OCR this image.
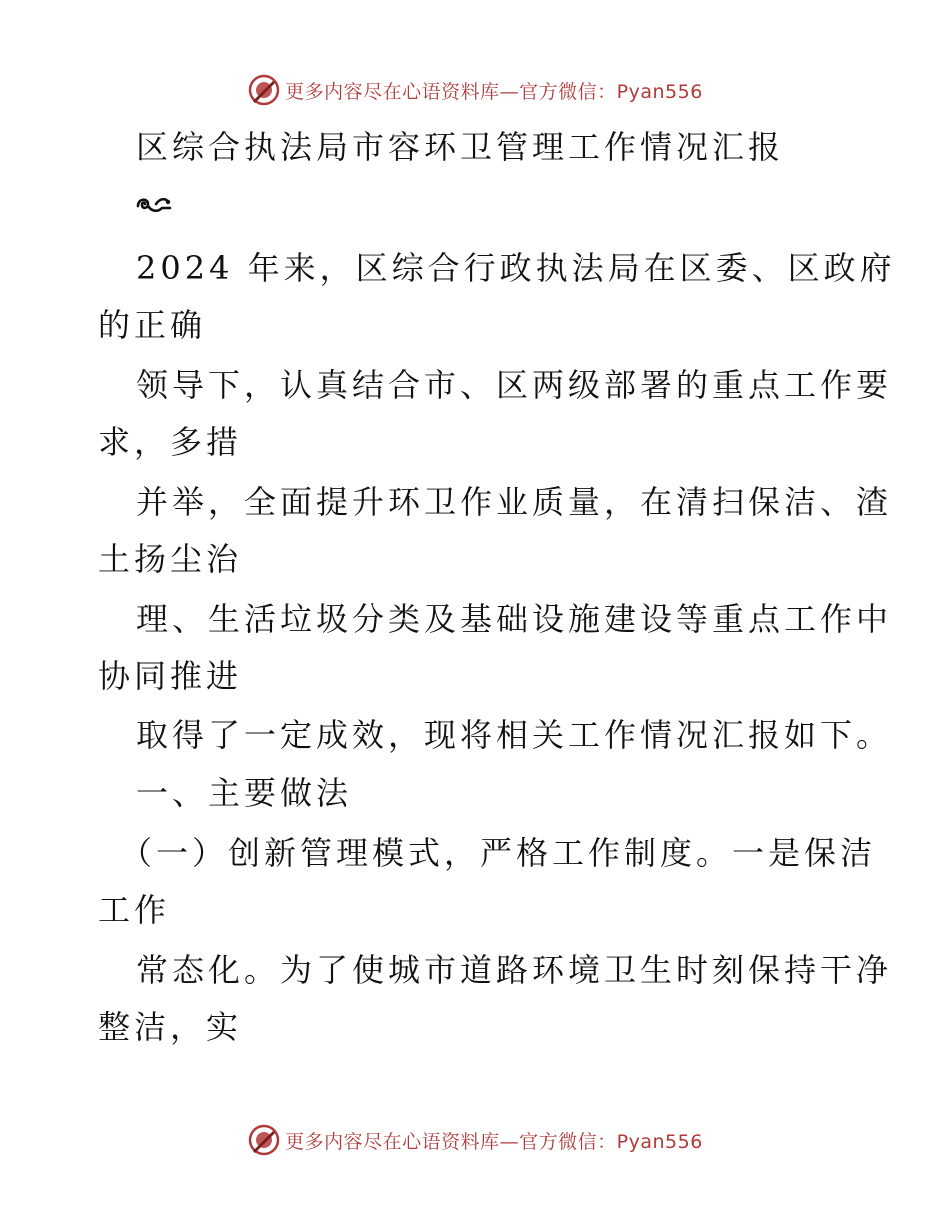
更多内容尽在心语资料库—官方微信：Pyan556
区综合执法局市容环卫管理工作情况汇报
2024 年来，区综合行政执法局在区委、区政府
的正确
领导下，认真结合市、区两级部署的重点工作要
求，多措
并举，全面提升环卫作业质量，在清扫保洁、渣
土扬尘治
理、生活垃圾分类及基础设施建设等重点工作中
协同推进
取得了一定成效，现将相关工作情况汇报如下。
一、主要做法
（一）创新管理模式，严格工作制度。一是保洁
工作
常态化。为了使城市道路环境卫生时刻保持干净
整洁，实
更多内容尽在心语资料库—官方微信：Pyan556
